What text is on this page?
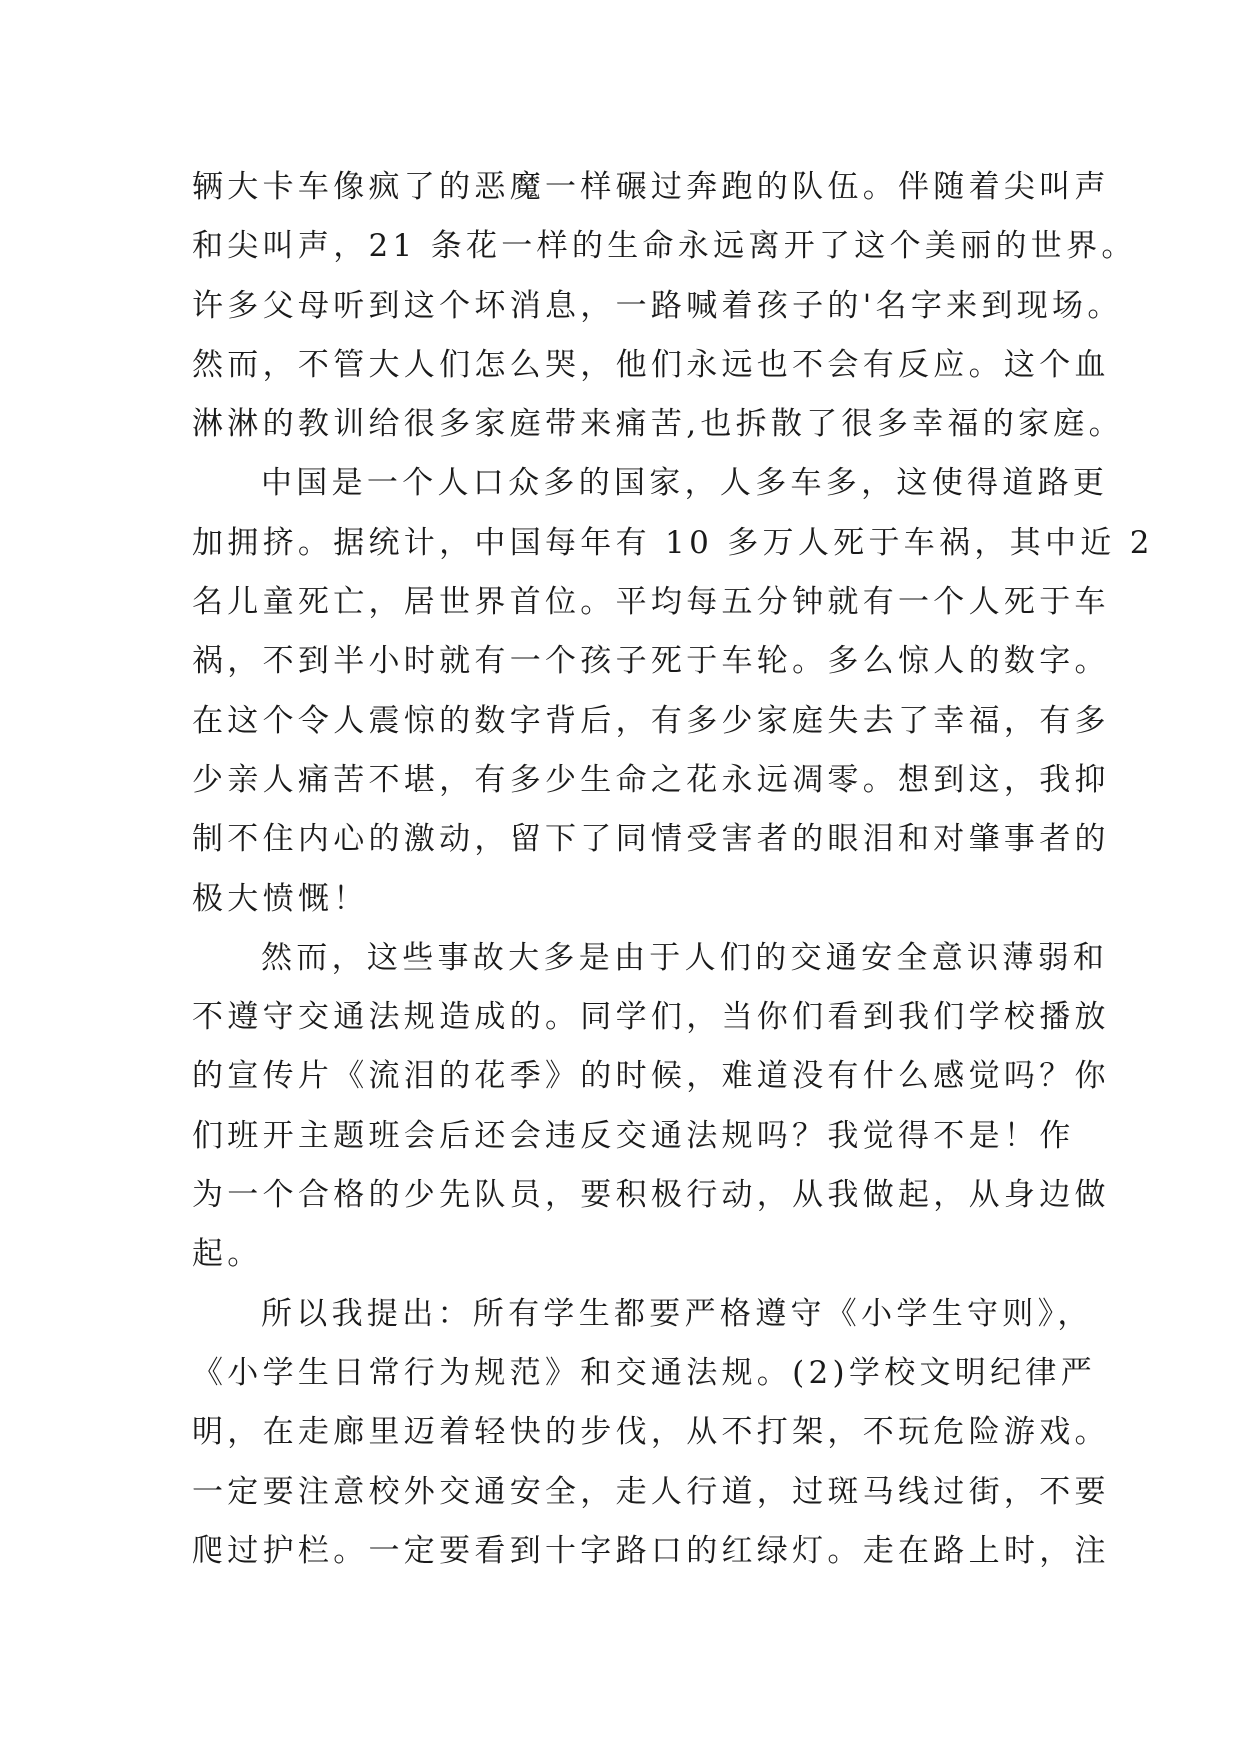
辆大卡车像疯了的恶魔一样碾过奔跑的队伍。伴随着尖叫声
和尖叫声，21 条花一样的生命永远离开了这个美丽的世界。
许多父母听到这个坏消息，一路喊着孩子的'名字来到现场。
然而，不管大人们怎么哭，他们永远也不会有反应。这个血
淋淋的教训给很多家庭带来痛苦,也拆散了很多幸福的家庭。
中国是一个人口众多的国家，人多车多，这使得道路更
加拥挤。据统计，中国每年有 10 多万人死于车祸，其中近 2
名儿童死亡，居世界首位。平均每五分钟就有一个人死于车
祸，不到半小时就有一个孩子死于车轮。多么惊人的数字。
在这个令人震惊的数字背后，有多少家庭失去了幸福，有多
少亲人痛苦不堪，有多少生命之花永远凋零。想到这，我抑
制不住内心的激动，留下了同情受害者的眼泪和对肇事者的
极大愤慨！
然而，这些事故大多是由于人们的交通安全意识薄弱和
不遵守交通法规造成的。同学们，当你们看到我们学校播放
的宣传片《流泪的花季》的时候，难道没有什么感觉吗？你
们班开主题班会后还会违反交通法规吗？我觉得不是！作
为一个合格的少先队员，要积极行动，从我做起，从身边做
起。
所以我提出：所有学生都要严格遵守《小学生守则》，
《小学生日常行为规范》和交通法规。(2)学校文明纪律严
明，在走廊里迈着轻快的步伐，从不打架，不玩危险游戏。
一定要注意校外交通安全，走人行道，过斑马线过街，不要
爬过护栏。一定要看到十字路口的红绿灯。走在路上时，注
